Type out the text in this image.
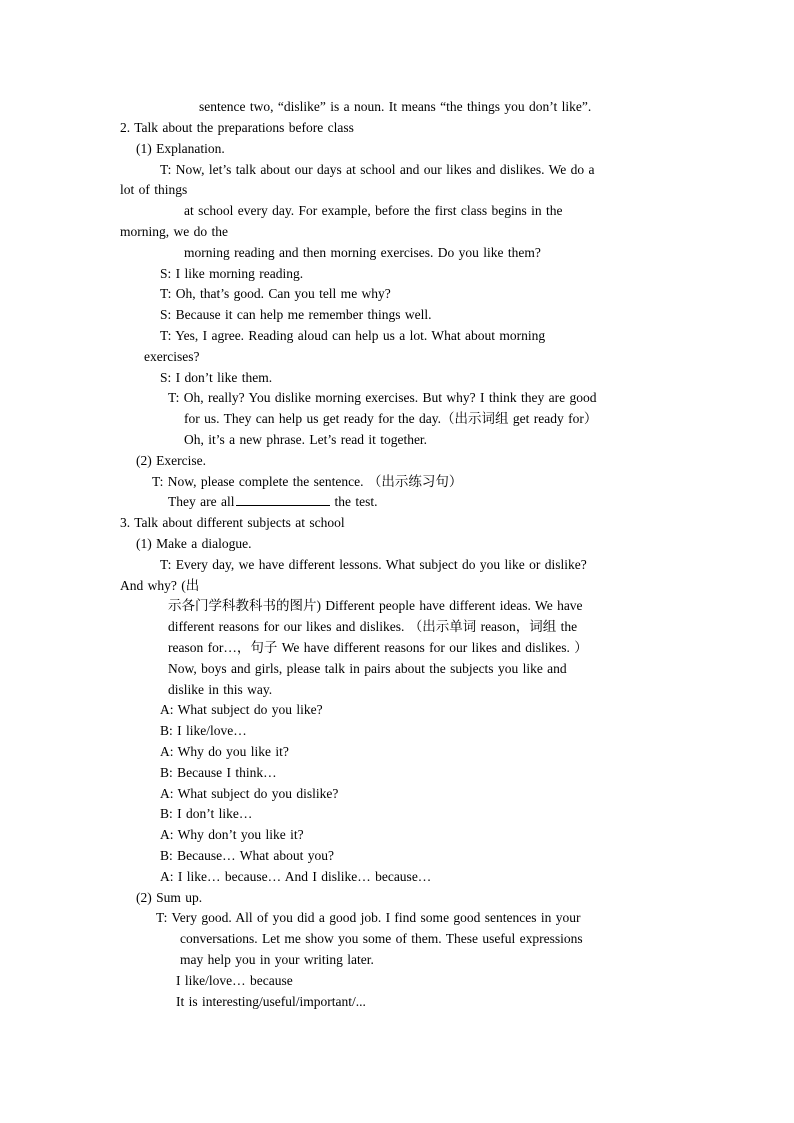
sentence two, “dislike” is a noun. It means “the things you don’t like”.
2. Talk about the preparations before class
(1) Explanation.
T: Now, let’s talk about our days at school and our likes and dislikes. We do a
lot of things
at school every day. For example, before the first class begins in the
morning, we do the
morning reading and then morning exercises. Do you like them?
S: I like morning reading.
T: Oh, that’s good. Can you tell me why?
S: Because it can help me remember things well.
T: Yes, I agree. Reading aloud can help us a lot. What about morning
exercises?
S: I don’t like them.
T: Oh, really? You dislike morning exercises. But why? I think they are good
for us. They can help us get ready for the day.（出示词组 get ready for）
Oh, it’s a new phrase. Let’s read it together.
(2) Exercise.
T: Now, please complete the sentence. （出示练习句）
They are all	the test.
3. Talk about different subjects at school
(1) Make a dialogue.
T: Every day, we have different lessons. What subject do you like or dislike?
And why? (出
示各门学科教科书的图片) Different people have different ideas. We have
different reasons for our likes and dislikes. （出示单词 reason，词组 the
reason for…，句子 We have different reasons for our likes and dislikes. ）
Now, boys and girls, please talk in pairs about the subjects you like and
dislike in this way.
A: What subject do you like?
B: I like/love…
A: Why do you like it?
B: Because I think…
A: What subject do you dislike?
B: I don’t like…
A: Why don’t you like it?
B: Because… What about you?
A: I like… because… And I dislike… because…
(2) Sum up.
T: Very good. All of you did a good job. I find some good sentences in your
conversations. Let me show you some of them. These useful expressions
may help you in your writing later.
I like/love… because
It is interesting/useful/important/...
